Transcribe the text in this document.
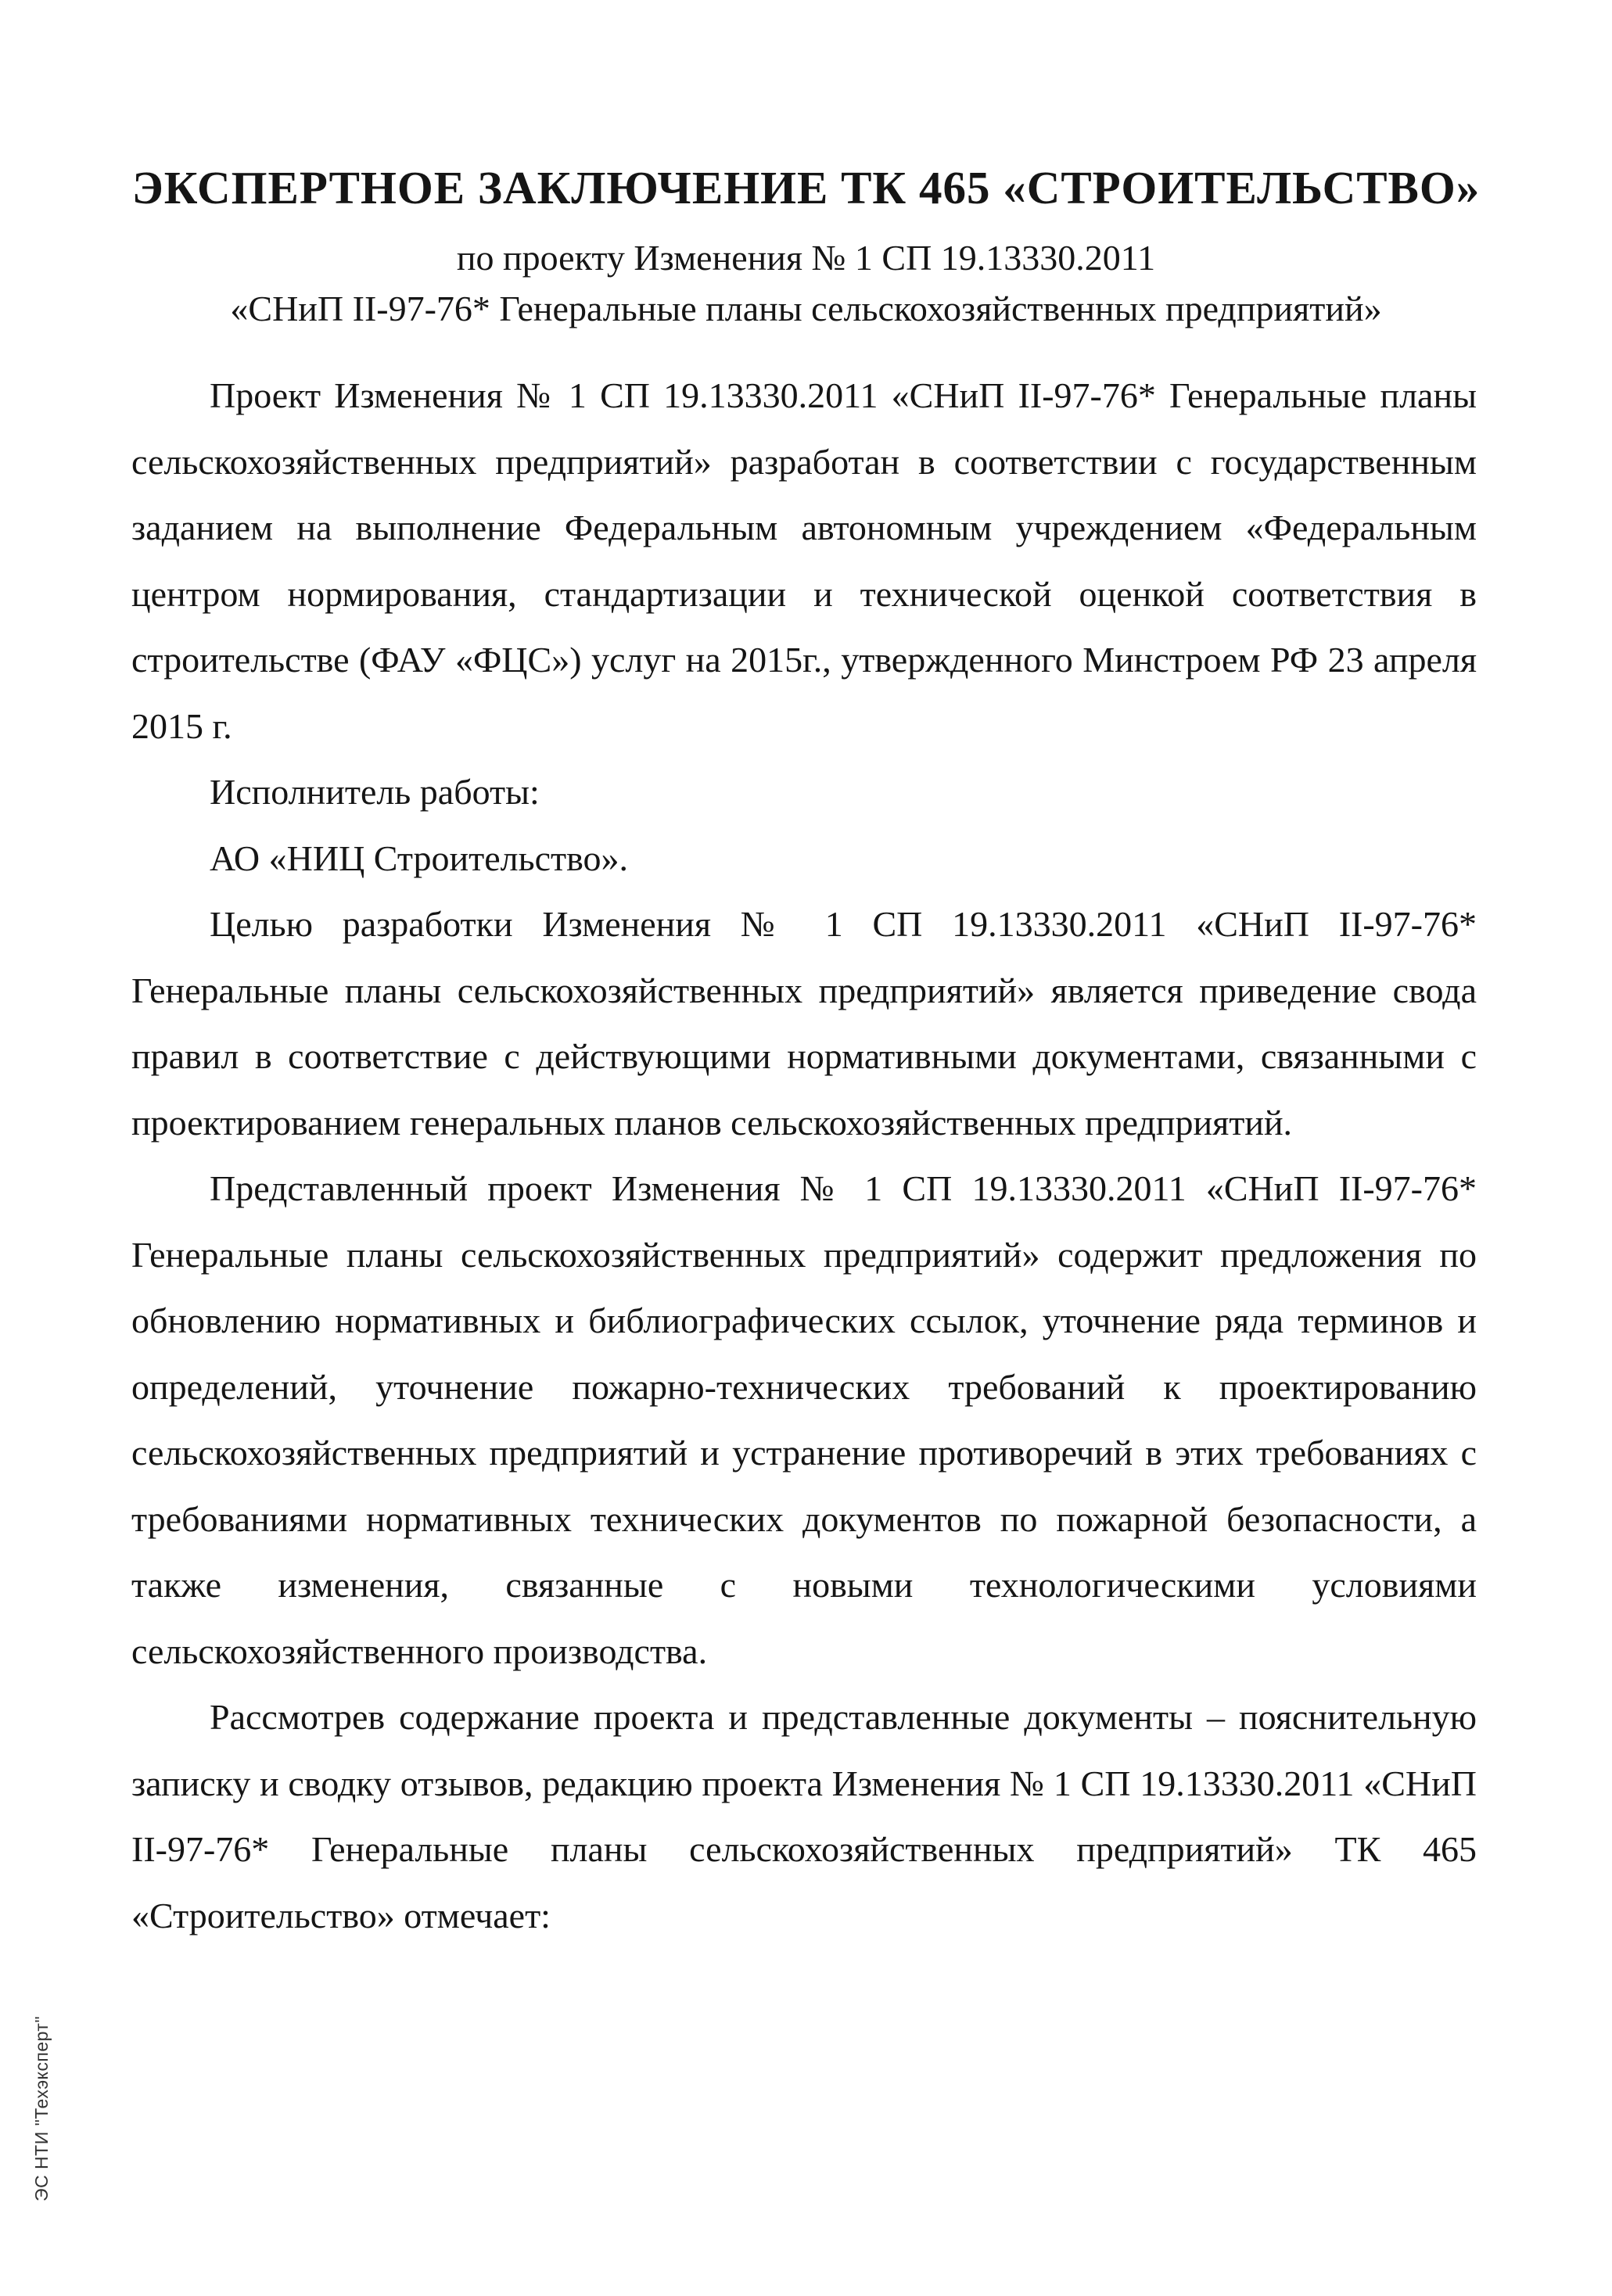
ЭКСПЕРТНОЕ ЗАКЛЮЧЕНИЕ ТК 465 «СТРОИТЕЛЬСТВО»
по проекту Изменения № 1 СП 19.13330.2011
«СНиП II-97-76* Генеральные планы сельскохозяйственных предприятий»

Проект Изменения № 1 СП 19.13330.2011 «СНиП II-97-76* Генеральные планы сельскохозяйственных предприятий» разработан в соответствии с государственным заданием на выполнение Федеральным автономным учреждением «Федеральным центром нормирования, стандартизации и технической оценкой соответствия в строительстве (ФАУ «ФЦС») услуг на 2015г., утвержденного Минстроем РФ 23 апреля 2015 г.

Исполнитель работы:

АО «НИЦ Строительство».

Целью разработки Изменения № 1 СП 19.13330.2011 «СНиП II-97-76* Генеральные планы сельскохозяйственных предприятий» является приведение свода правил в соответствие с действующими нормативными документами, связанными с проектированием генеральных планов сельскохозяйственных предприятий.

Представленный проект Изменения № 1 СП 19.13330.2011 «СНиП II-97-76* Генеральные планы сельскохозяйственных предприятий» содержит предложения по обновлению нормативных и библиографических ссылок, уточнение ряда терминов и определений, уточнение пожарно-технических требований к проектированию сельскохозяйственных предприятий и устранение противоречий в этих требованиях с требованиями нормативных технических документов по пожарной безопасности, а также изменения, связанные с новыми технологическими условиями сельскохозяйственного производства.

Рассмотрев содержание проекта и представленные документы – пояснительную записку и сводку отзывов, редакцию проекта Изменения № 1 СП 19.13330.2011 «СНиП II-97-76* Генеральные планы сельскохозяйственных предприятий» ТК 465 «Строительство» отмечает:

ЭС НТИ "Техэксперт"
